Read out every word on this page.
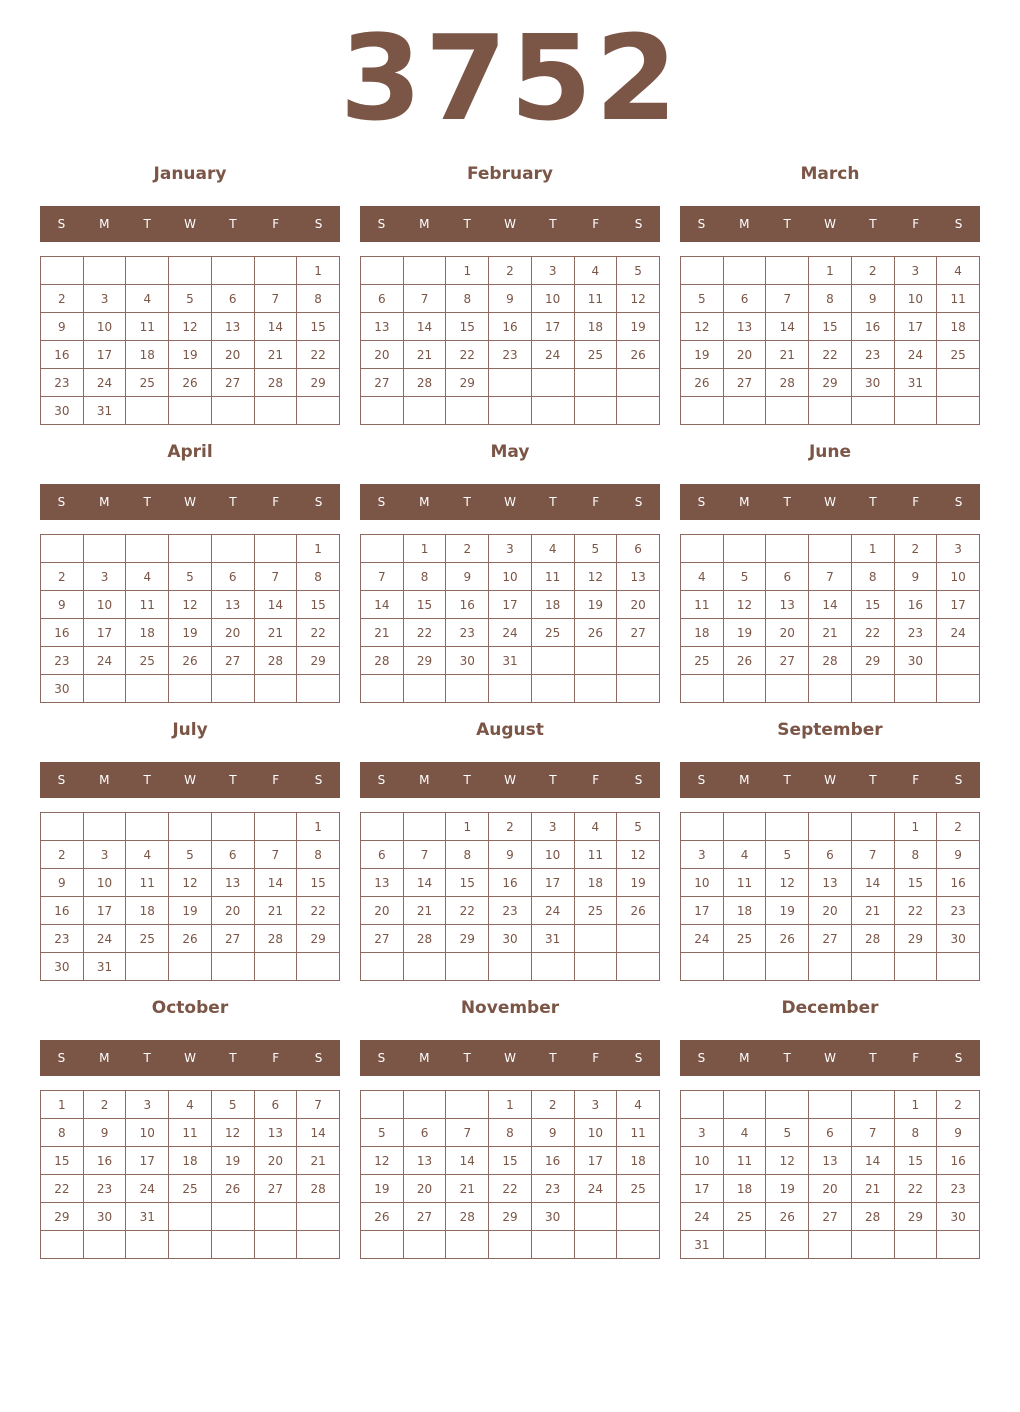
3752
January
S	M	T	W	T	F	S
						1
2	3	4	5	6	7	8
9	10	11	12	13	14	15
16	17	18	19	20	21	22
23	24	25	26	27	28	29
30	31					
February
S	M	T	W	T	F	S
		1	2	3	4	5
6	7	8	9	10	11	12
13	14	15	16	17	18	19
20	21	22	23	24	25	26
27	28	29				

March
S	M	T	W	T	F	S
			1	2	3	4
5	6	7	8	9	10	11
12	13	14	15	16	17	18
19	20	21	22	23	24	25
26	27	28	29	30	31	

April
S	M	T	W	T	F	S
						1
2	3	4	5	6	7	8
9	10	11	12	13	14	15
16	17	18	19	20	21	22
23	24	25	26	27	28	29
30						
May
S	M	T	W	T	F	S
	1	2	3	4	5	6
7	8	9	10	11	12	13
14	15	16	17	18	19	20
21	22	23	24	25	26	27
28	29	30	31			

June
S	M	T	W	T	F	S
				1	2	3
4	5	6	7	8	9	10
11	12	13	14	15	16	17
18	19	20	21	22	23	24
25	26	27	28	29	30	

July
S	M	T	W	T	F	S
						1
2	3	4	5	6	7	8
9	10	11	12	13	14	15
16	17	18	19	20	21	22
23	24	25	26	27	28	29
30	31					
August
S	M	T	W	T	F	S
		1	2	3	4	5
6	7	8	9	10	11	12
13	14	15	16	17	18	19
20	21	22	23	24	25	26
27	28	29	30	31		

September
S	M	T	W	T	F	S
					1	2
3	4	5	6	7	8	9
10	11	12	13	14	15	16
17	18	19	20	21	22	23
24	25	26	27	28	29	30

October
S	M	T	W	T	F	S
1	2	3	4	5	6	7
8	9	10	11	12	13	14
15	16	17	18	19	20	21
22	23	24	25	26	27	28
29	30	31				

November
S	M	T	W	T	F	S
			1	2	3	4
5	6	7	8	9	10	11
12	13	14	15	16	17	18
19	20	21	22	23	24	25
26	27	28	29	30		

December
S	M	T	W	T	F	S
					1	2
3	4	5	6	7	8	9
10	11	12	13	14	15	16
17	18	19	20	21	22	23
24	25	26	27	28	29	30
31						
